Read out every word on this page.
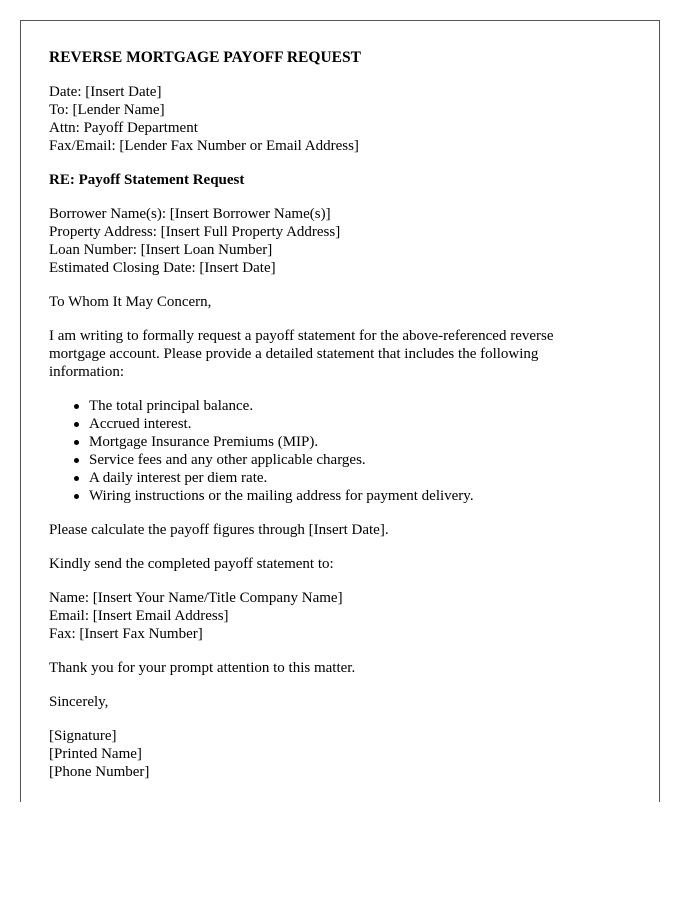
REVERSE MORTGAGE PAYOFF REQUEST
Date: [Insert Date]
To: [Lender Name]
Attn: Payoff Department
Fax/Email: [Lender Fax Number or Email Address]
RE: Payoff Statement Request
Borrower Name(s): [Insert Borrower Name(s)]
Property Address: [Insert Full Property Address]
Loan Number: [Insert Loan Number]
Estimated Closing Date: [Insert Date]
To Whom It May Concern,
I am writing to formally request a payoff statement for the above-referenced reverse
mortgage account. Please provide a detailed statement that includes the following
information:
The total principal balance.
Accrued interest.
Mortgage Insurance Premiums (MIP).
Service fees and any other applicable charges.
A daily interest per diem rate.
Wiring instructions or the mailing address for payment delivery.
Please calculate the payoff figures through [Insert Date].
Kindly send the completed payoff statement to:
Name: [Insert Your Name/Title Company Name]
Email: [Insert Email Address]
Fax: [Insert Fax Number]
Thank you for your prompt attention to this matter.
Sincerely,
[Signature]
[Printed Name]
[Phone Number]
